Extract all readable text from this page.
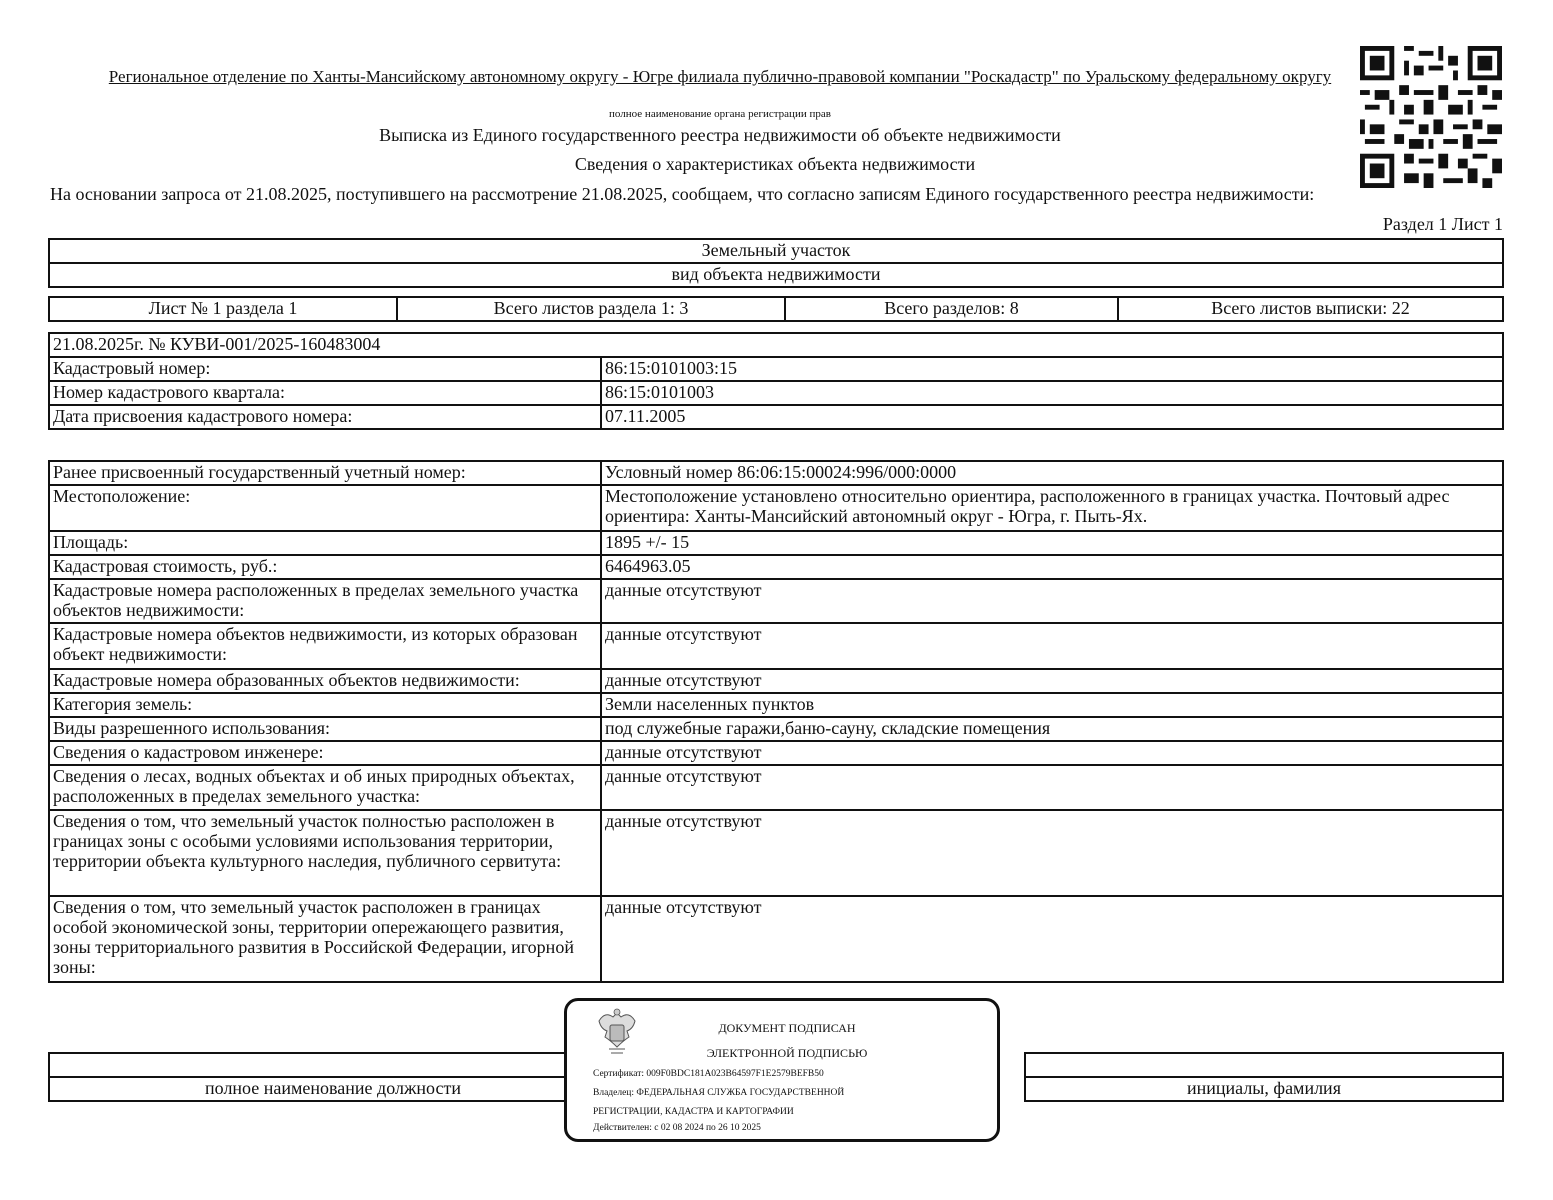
Региональное отделение по Ханты-Мансийскому автономному округу - Югре филиала публично-правовой компании "Роскадастр" по Уральскому федеральному округу
полное наименование органа регистрации прав
Выписка из Единого государственного реестра недвижимости об объекте недвижимости
Сведения о характеристиках объекта недвижимости
На основании запроса от 21.08.2025, поступившего на рассмотрение 21.08.2025, сообщаем, что согласно записям Единого государственного реестра недвижимости:
Раздел 1 Лист 1
Земельный участок
вид объекта недвижимости
Лист № 1 раздела 1	Всего листов раздела 1: 3	Всего разделов: 8	Всего листов выписки: 22
21.08.2025г. № КУВИ-001/2025-160483004	
Кадастровый номер:	86:15:0101003:15
Номер кадастрового квартала:	86:15:0101003
Дата присвоения кадастрового номера:	07.11.2005
Ранее присвоенный государственный учетный номер:	Условный номер 86:06:15:00024:996/000:0000
Местоположение:	Местоположение установлено относительно ориентира, расположенного в границах участка. Почтовый адрес ориентира: Ханты-Мансийский автономный округ - Югра, г. Пыть-Ях.
Площадь:	1895 +/- 15
Кадастровая стоимость, руб.:	6464963.05
Кадастровые номера расположенных в пределах земельного участка объектов недвижимости:	данные отсутствуют
Кадастровые номера объектов недвижимости, из которых образован объект недвижимости:	данные отсутствуют
Кадастровые номера образованных объектов недвижимости:	данные отсутствуют
Категория земель:	Земли населенных пунктов
Виды разрешенного использования:	под служебные гаражи,баню-сауну, складские помещения
Сведения о кадастровом инженере:	данные отсутствуют
Сведения о лесах, водных объектах и об иных природных объектах, расположенных в пределах земельного участка:	данные отсутствуют
Сведения о том, что земельный участок полностью расположен в границах зоны с особыми условиями использования территории, территории объекта культурного наследия, публичного сервитута:	данные отсутствуют
Сведения о том, что земельный участок расположен в границах особой экономической зоны, территории опережающего развития, зоны территориального развития в Российской Федерации, игорной зоны:	данные отсутствуют

полное наименование должности		инициалы, фамилия
ДОКУМЕНТ ПОДПИСАН
ЭЛЕКТРОННОЙ ПОДПИСЬЮ
Сертификат: 009F0BDC181A023B64597F1E2579BEFB50
Владелец: ФЕДЕРАЛЬНАЯ СЛУЖБА ГОСУДАРСТВЕННОЙ
РЕГИСТРАЦИИ, КАДАСТРА И КАРТОГРАФИИ
Действителен: с 02 08 2024 по 26 10 2025
